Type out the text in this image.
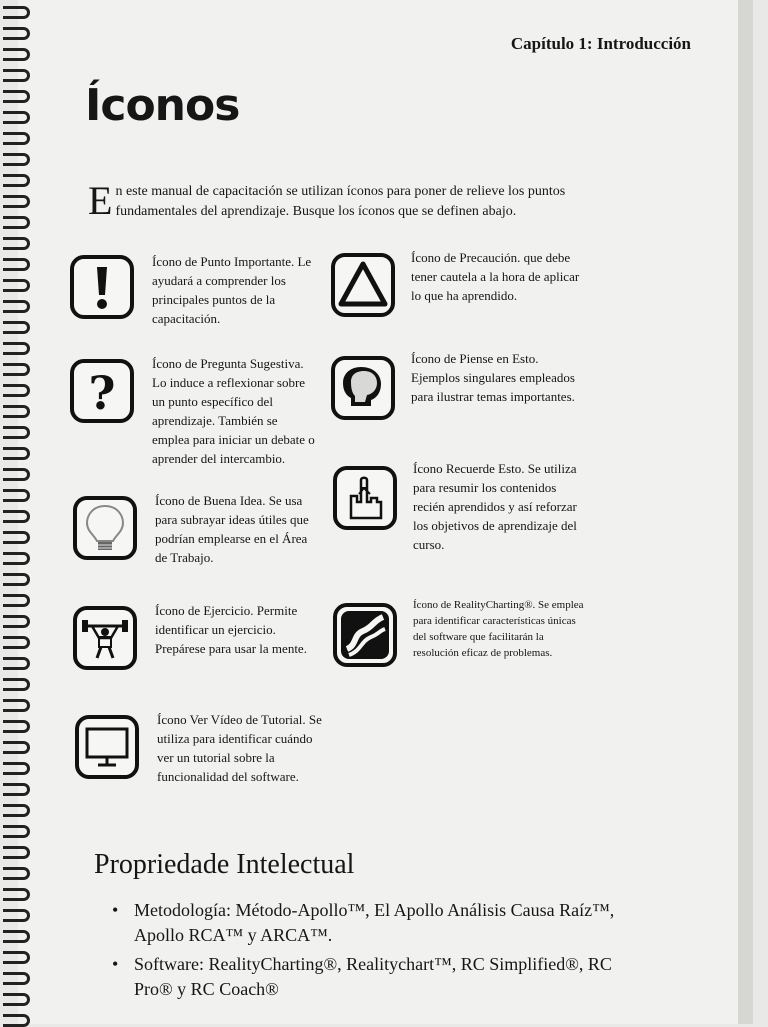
Capítulo 1: Introducción
Íconos
En este manual de capacitación se utilizan íconos para poner de relieve los puntos fundamentales del aprendizaje. Busque los íconos que se definen abajo.
Ícono de Punto Importante. Le ayudará a comprender los principales puntos de la capacitación.
?
Ícono de Pregunta Sugestiva. Lo induce a reflexionar sobre un punto específico del aprendizaje. También se emplea para iniciar un debate o aprender del intercambio.
Ícono de Buena Idea. Se usa para subrayar ideas útiles que podrían emplearse en el Área de Trabajo.
Ícono de Ejercicio. Permite identificar un ejercicio. Prepárese para usar la mente.
Ícono Ver Vídeo de Tutorial. Se utiliza para identificar cuándo ver un tutorial sobre la funcionalidad del software.
Ícono de Precaución. que debe tener cautela a la hora de aplicar lo que ha aprendido.
Ícono de Piense en Esto. Ejemplos singulares empleados para ilustrar temas importantes.
Ícono Recuerde Esto. Se utiliza para resumir los contenidos recién aprendidos y así reforzar los objetivos de aprendizaje del curso.
Ícono de RealityCharting®. Se emplea para identificar características únicas del software que facilitarán la resolución eficaz de problemas.
Propriedade Intelectual
• Metodología: Método-Apollo™, El Apollo Análisis Causa Raíz™, Apollo RCA™ y ARCA™.
• Software: RealityCharting®, Realitychart™, RC Simplified®, RC Pro® y RC Coach®
